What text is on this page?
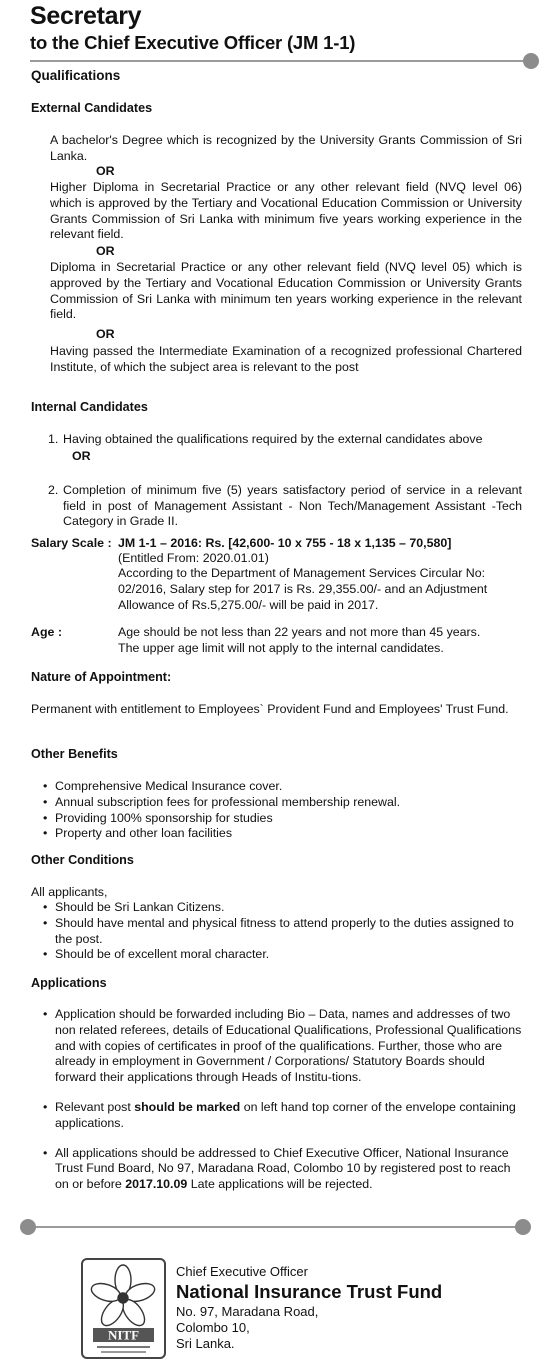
Secretary
to the Chief Executive Officer (JM 1-1)
Qualifications
External Candidates
A bachelor's Degree which is recognized by the University Grants Commission of Sri Lanka.
OR
Higher Diploma in Secretarial Practice or any other relevant field (NVQ level 06) which is approved by the Tertiary and Vocational Education Commission or University Grants Commission of Sri Lanka with minimum five years working experience in the relevant field.
OR
Diploma in Secretarial Practice or any other relevant field (NVQ level 05) which is approved by the Tertiary and Vocational Education Commission or University Grants Commission of Sri Lanka with minimum ten years working experience in the relevant field.
OR
Having passed the Intermediate Examination of a recognized professional Chartered Institute, of which the subject area is relevant to the post
Internal Candidates
1. Having obtained the qualifications required by the external candidates above
OR
2. Completion of minimum five (5) years satisfactory period of service in a relevant field in post of Management Assistant - Non Tech/Management Assistant -Tech Category in Grade II.
Salary Scale : JM 1-1 – 2016: Rs. [42,600- 10 x 755 - 18 x 1,135 – 70,580]
(Entitled From: 2020.01.01)
According to the Department of Management Services Circular No: 02/2016, Salary step for 2017 is Rs. 29,355.00/- and an Adjustment Allowance of Rs.5,275.00/- will be paid in 2017.
Age :	Age should be not less than 22 years and not more than 45 years.
The upper age limit will not apply to the internal candidates.
Nature of Appointment:
Permanent with entitlement to Employees` Provident Fund and Employees' Trust Fund.
Other Benefits
• Comprehensive Medical Insurance cover.
• Annual subscription fees for professional membership renewal.
• Providing 100% sponsorship for studies
• Property and other loan facilities
Other Conditions
All applicants,
• Should be Sri Lankan Citizens.
• Should have mental and physical fitness to attend properly to the duties assigned to the post.
• Should be of excellent moral character.
Applications
• Application should be forwarded including Bio – Data, names and addresses of two non related referees, details of Educational Qualifications, Professional Qualifications and with copies of certificates in proof of the qualifications. Further, those who are already in employment in Government / Corporations/ Statutory Boards should forward their applications through Heads of Institu-tions.
• Relevant post should be marked on left hand top corner of the envelope containing applications.
• All applications should be addressed to Chief Executive Officer, National Insurance Trust Fund Board, No 97, Maradana Road, Colombo 10 by registered post to reach on or before 2017.10.09 Late applications will be rejected.
NITF
Chief Executive Officer
National Insurance Trust Fund
No. 97, Maradana Road,
Colombo 10,
Sri Lanka.
